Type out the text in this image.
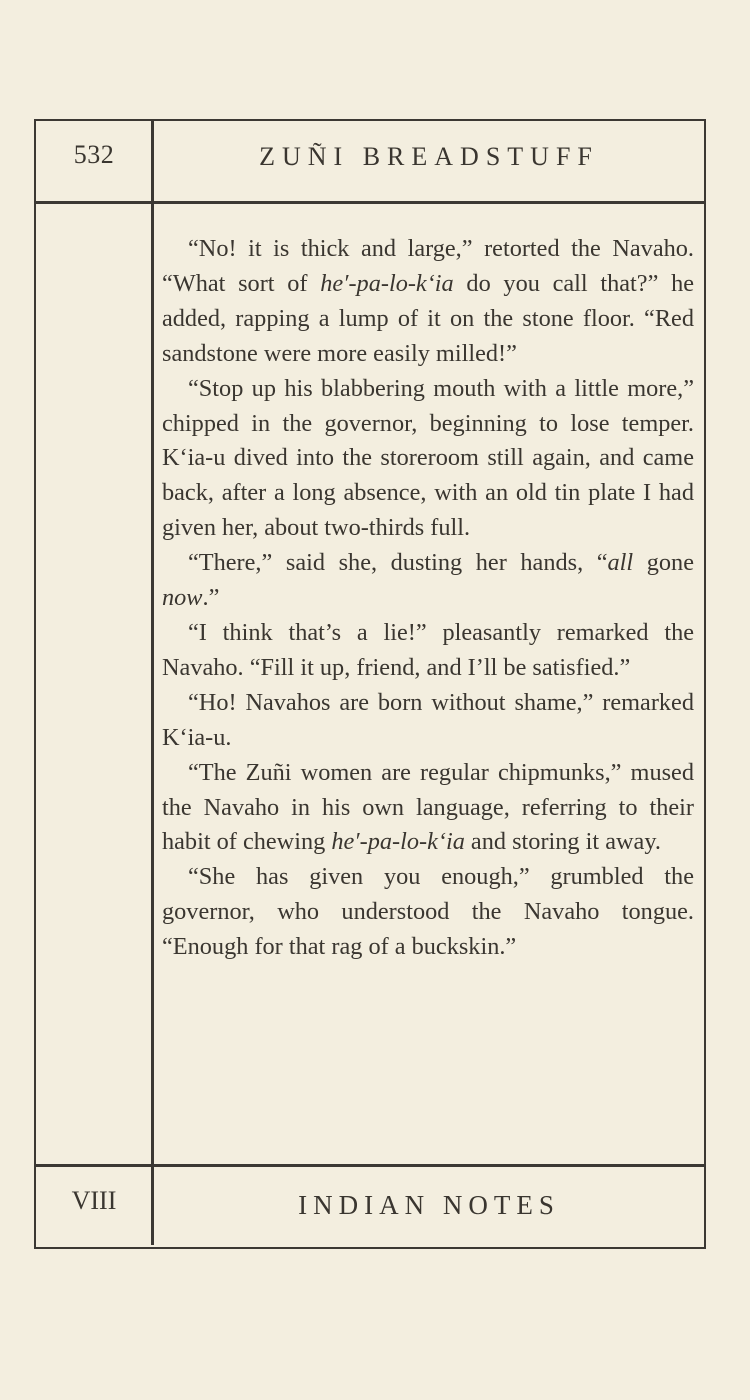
532	ZUÑI BREADSTUFF

“No! it is thick and large,” retorted the Navaho. “What sort of he′-pa-lo-k‘ia do you call that?” he added, rapping a lump of it on the stone floor. “Red sandstone were more easily milled!”

“Stop up his blabbering mouth with a little more,” chipped in the governor, beginning to lose temper. K‘ia-u dived into the storeroom still again, and came back, after a long absence, with an old tin plate I had given her, about two-thirds full.

“There,” said she, dusting her hands, “all gone now.”

“I think that’s a lie!” pleasantly remarked the Navaho. “Fill it up, friend, and I’ll be satisfied.”

“Ho! Navahos are born without shame,” remarked K‘ia-u.

“The Zuñi women are regular chipmunks,” mused the Navaho in his own language, referring to their habit of chewing he′-pa-lo-k‘ia and storing it away.

“She has given you enough,” grumbled the governor, who understood the Navaho tongue. “Enough for that rag of a buckskin.”

VIII	INDIAN NOTES
